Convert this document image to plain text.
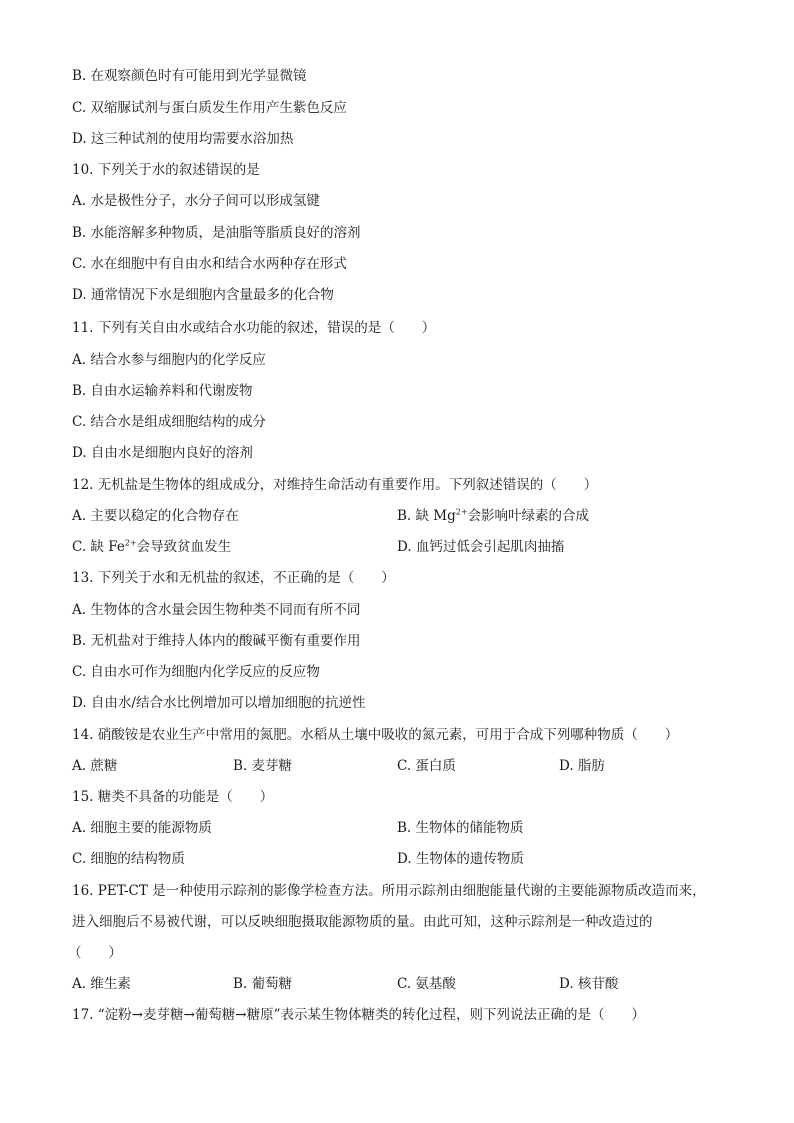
B. 在观察颜色时有可能用到光学显微镜
C. 双缩脲试剂与蛋白质发生作用产生紫色反应
D. 这三种试剂的使用均需要水浴加热
10. 下列关于水的叙述错误的是
A. 水是极性分子，水分子间可以形成氢键
B. 水能溶解多种物质，是油脂等脂质良好的溶剂
C. 水在细胞中有自由水和结合水两种存在形式
D. 通常情况下水是细胞内含量最多的化合物
11. 下列有关自由水或结合水功能的叙述，错误的是（　　）
A. 结合水参与细胞内的化学反应
B. 自由水运输养料和代谢废物
C. 结合水是组成细胞结构的成分
D. 自由水是细胞内良好的溶剂
12. 无机盐是生物体的组成成分，对维持生命活动有重要作用。下列叙述错误的（　　）
A. 主要以稳定的化合物存在	B. 缺 $Mg^{2+}$会影响叶绿素的合成
C. 缺 $Fe^{2+}$会导致贫血发生	D. 血钙过低会引起肌肉抽搐
13. 下列关于水和无机盐的叙述，不正确的是（　　）
A. 生物体的含水量会因生物种类不同而有所不同
B. 无机盐对于维持人体内的酸碱平衡有重要作用
C. 自由水可作为细胞内化学反应的反应物
D. 自由水/结合水比例增加可以增加细胞的抗逆性
14. 硝酸铵是农业生产中常用的氮肥。水稻从土壤中吸收的氮元素，可用于合成下列哪种物质（　　）
A. 蔗糖	B. 麦芽糖	C. 蛋白质	D. 脂肪
15. 糖类不具备的功能是（　　）
A. 细胞主要的能源物质	B. 生物体的储能物质
C. 细胞的结构物质	D. 生物体的遗传物质
16. PET-CT 是一种使用示踪剂的影像学检查方法。所用示踪剂由细胞能量代谢的主要能源物质改造而来，
进入细胞后不易被代谢，可以反映细胞摄取能源物质的量。由此可知，这种示踪剂是一种改造过的
（　　）
A. 维生素	B. 葡萄糖	C. 氨基酸	D. 核苷酸
17. “淀粉→麦芽糖→葡萄糖→糖原”表示某生物体糖类的转化过程，则下列说法正确的是（　　）
